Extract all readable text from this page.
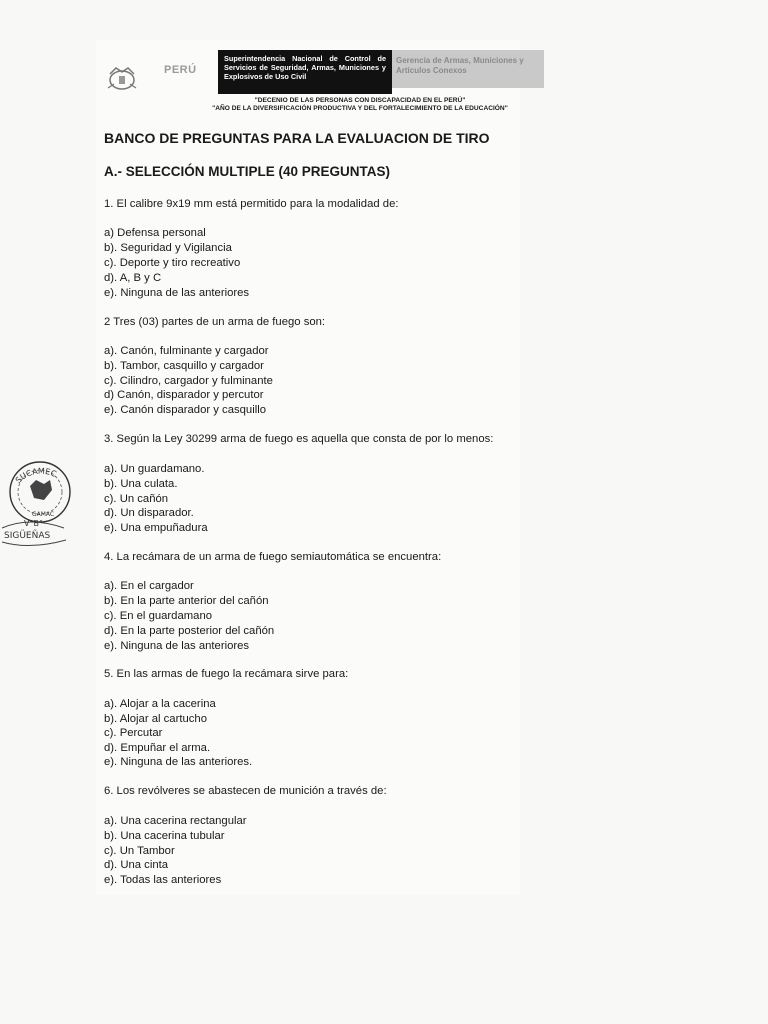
PERÚ
Superintendencia Nacional de Control de Servicios de Seguridad, Armas, Municiones y Explosivos de Uso Civil
Gerencia de Armas, Municiones y Artículos Conexos
"DECENIO DE LAS PERSONAS CON DISCAPACIDAD EN EL PERÚ"
"AÑO DE LA DIVERSIFICACIÓN PRODUCTIVA Y DEL FORTALECIMIENTO DE LA EDUCACIÓN"
BANCO DE PREGUNTAS PARA LA EVALUACION DE TIRO
A.- SELECCIÓN MULTIPLE (40 PREGUNTAS)
1. El calibre 9x19 mm está permitido para la modalidad de:
a) Defensa personal
b). Seguridad y Vigilancia
c). Deporte y tiro recreativo
d). A, B y C
e). Ninguna de las anteriores
2 Tres (03) partes de un arma de fuego son:
a). Canón, fulminante y cargador
b). Tambor, casquillo y cargador
c). Cilindro, cargador y fulminante
d) Canón, disparador y percutor
e). Canón disparador y casquillo
3. Según la Ley 30299 arma de fuego es aquella que consta de por lo menos:
a). Un guardamano.
b). Una culata.
c). Un cañón
d). Un disparador.
e). Una empuñadura
4. La recámara de un arma de fuego semiautomática se encuentra:
a). En el cargador
b). En la parte anterior del cañón
c). En el guardamano
d). En la parte posterior del cañón
e). Ninguna de las anteriores
5. En las armas de fuego la recámara sirve para:
a). Alojar a la cacerina
b). Alojar al cartucho
c). Percutar
d). Empuñar el arma.
e). Ninguna de las anteriores.
6. Los revólveres se abastecen de munición a través de:
a). Una cacerina rectangular
b). Una cacerina tubular
c). Un Tambor
d). Una cinta
e). Todas las anteriores
SUCAMEC
GAMAC
V°B°
SIGÜEÑAS
